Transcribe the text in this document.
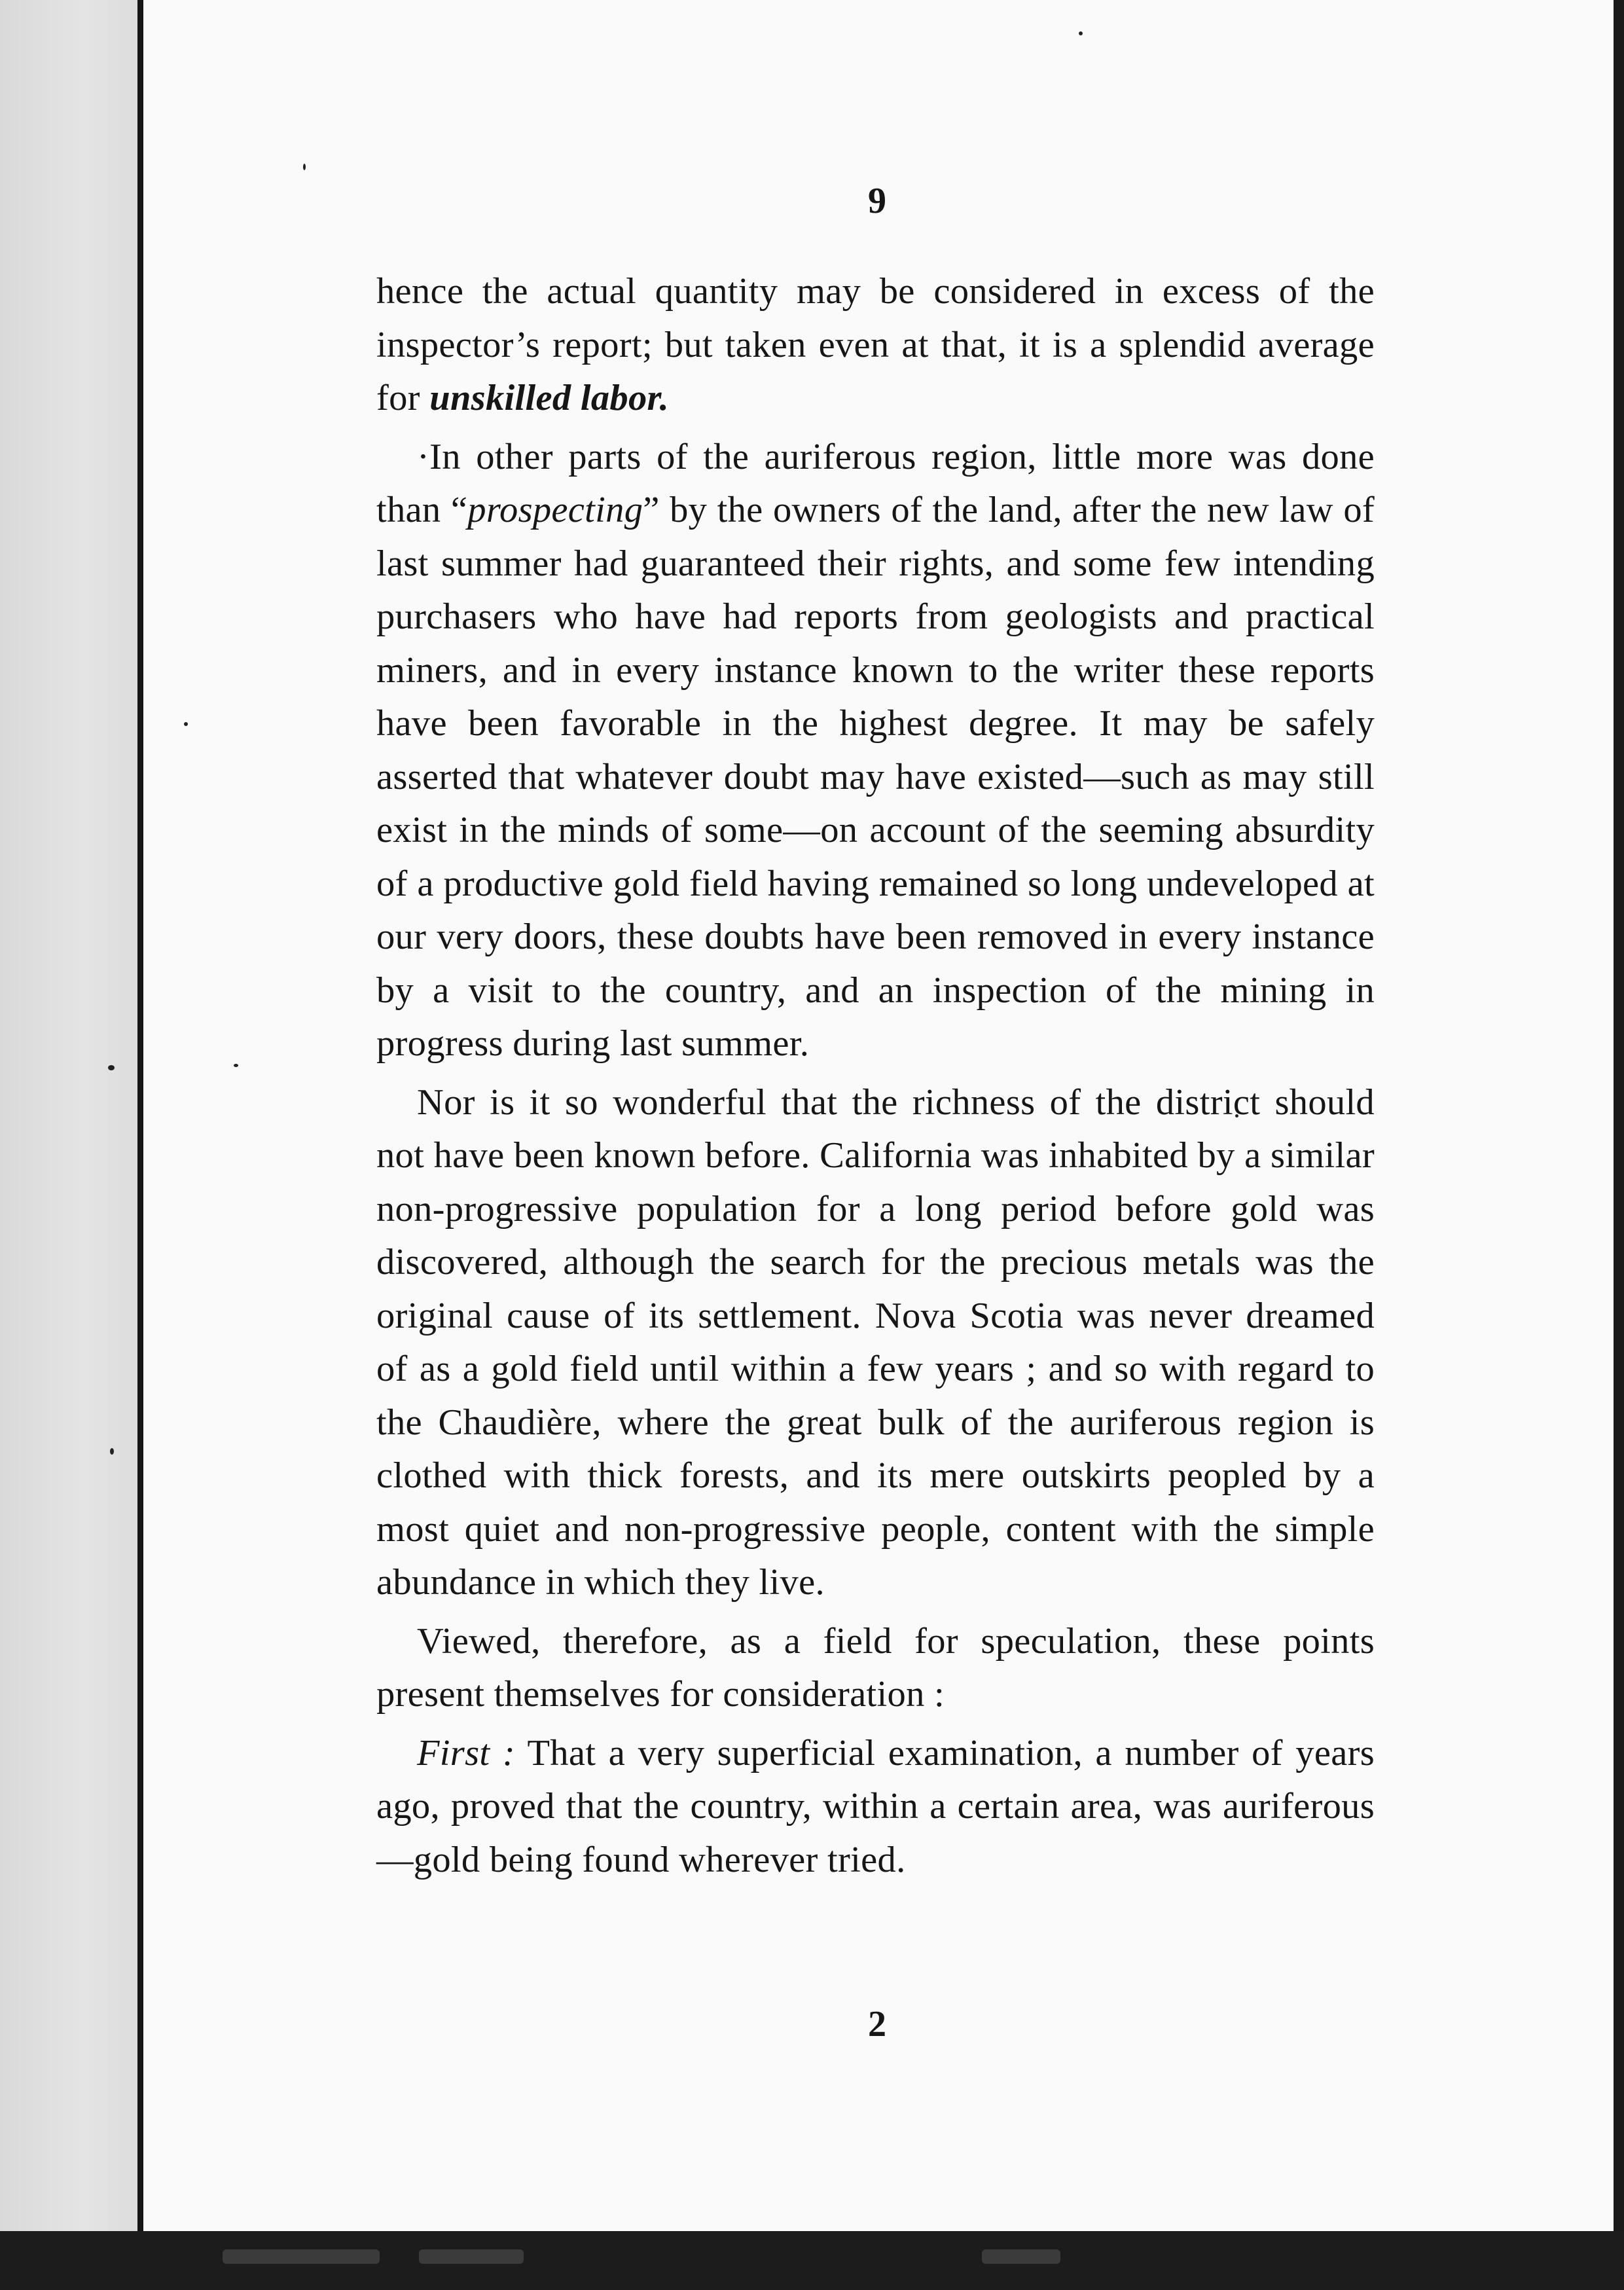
9

hence the actual quantity may be considered in excess of the inspector’s report; but taken even at that, it is a splendid average for unskilled labor.

·In other parts of the auriferous region, little more was done than “prospecting” by the owners of the land, after the new law of last summer had guaranteed their rights, and some few intending purchasers who have had reports from geologists and practical miners, and in every instance known to the writer these reports have been favorable in the highest degree. It may be safely asserted that whatever doubt may have existed—such as may still exist in the minds of some—on account of the seeming absurdity of a productive gold field having remained so long undeveloped at our very doors, these doubts have been removed in every instance by a visit to the country, and an inspection of the mining in progress during last summer.

Nor is it so wonderful that the richness of the district should not have been known before. California was inhabited by a similar non-progressive population for a long period before gold was discovered, although the search for the precious metals was the original cause of its settlement. Nova Scotia was never dreamed of as a gold field until within a few years ; and so with regard to the Chaudière, where the great bulk of the auriferous region is clothed with thick forests, and its mere outskirts peopled by a most quiet and non-progressive people, content with the simple abundance in which they live.

Viewed, therefore, as a field for speculation, these points present themselves for consideration :

First : That a very superficial examination, a number of years ago, proved that the country, within a certain area, was auriferous—gold being found wherever tried.

2
